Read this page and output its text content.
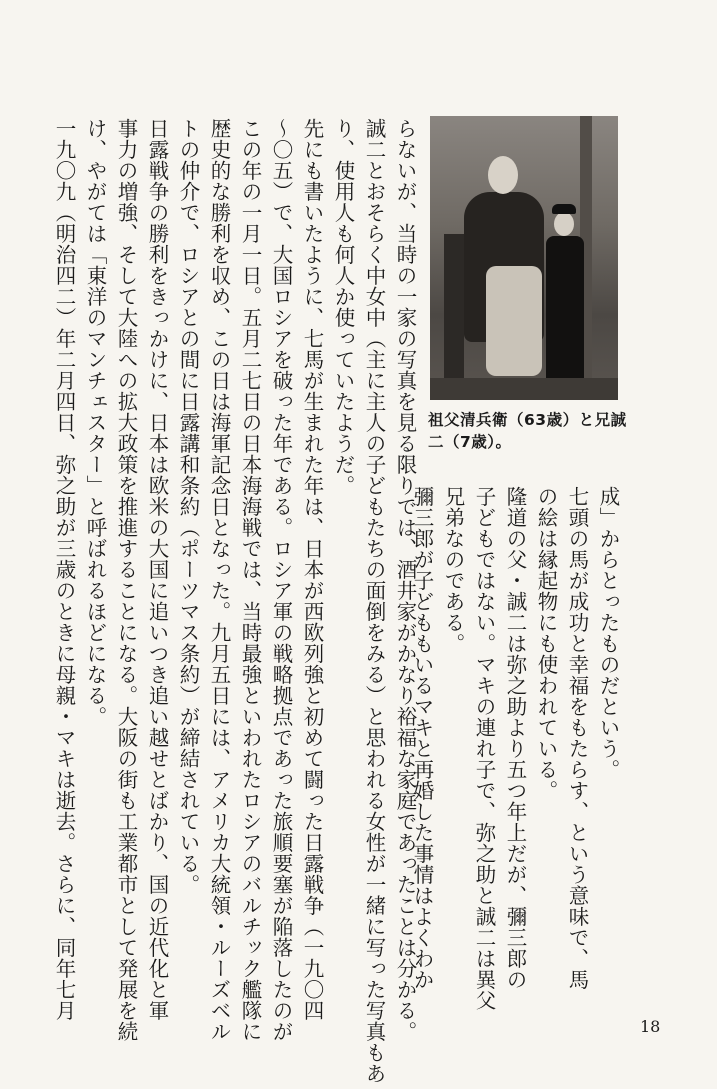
祖父清兵衛（63歳）と兄誠二（7歳）。
成」からとったものだという。
七頭の馬が成功と幸福をもたらす、という意味で、馬
の絵は縁起物にも使われている。
隆道の父・誠二は弥之助より五つ年上だが、彌三郎の
子どもではない。マキの連れ子で、弥之助と誠二は異父
兄弟なのである。
彌三郎が子どももいるマキと再婚した事情はよくわか
らないが、当時の一家の写真を見る限りでは、酒井家がかなり裕福な家庭であったことは分かる。
誠二とおそらく中女中（主に主人の子どもたちの面倒をみる）と思われる女性が一緒に写った写真もあ
り、使用人も何人か使っていたようだ。
先にも書いたように、七馬が生まれた年は、日本が西欧列強と初めて闘った日露戦争（一九〇四
〜〇五）で、大国ロシアを破った年である。ロシア軍の戦略拠点であった旅順要塞が陥落したのが
この年の一月一日。五月二七日の日本海海戦では、当時最強といわれたロシアのバルチック艦隊に
歴史的な勝利を収め、この日は海軍記念日となった。九月五日には、アメリカ大統領・ルーズベル
トの仲介で、ロシアとの間に日露講和条約（ポーツマス条約）が締結されている。
日露戦争の勝利をきっかけに、日本は欧米の大国に追いつき追い越せとばかり、国の近代化と軍
事力の増強、そして大陸への拡大政策を推進することになる。大阪の街も工業都市として発展を続
け、やがては「東洋のマンチェスター」と呼ばれるほどになる。
一九〇九（明治四二）年二月四日、弥之助が三歳のときに母親・マキは逝去。さらに、同年七月
18
